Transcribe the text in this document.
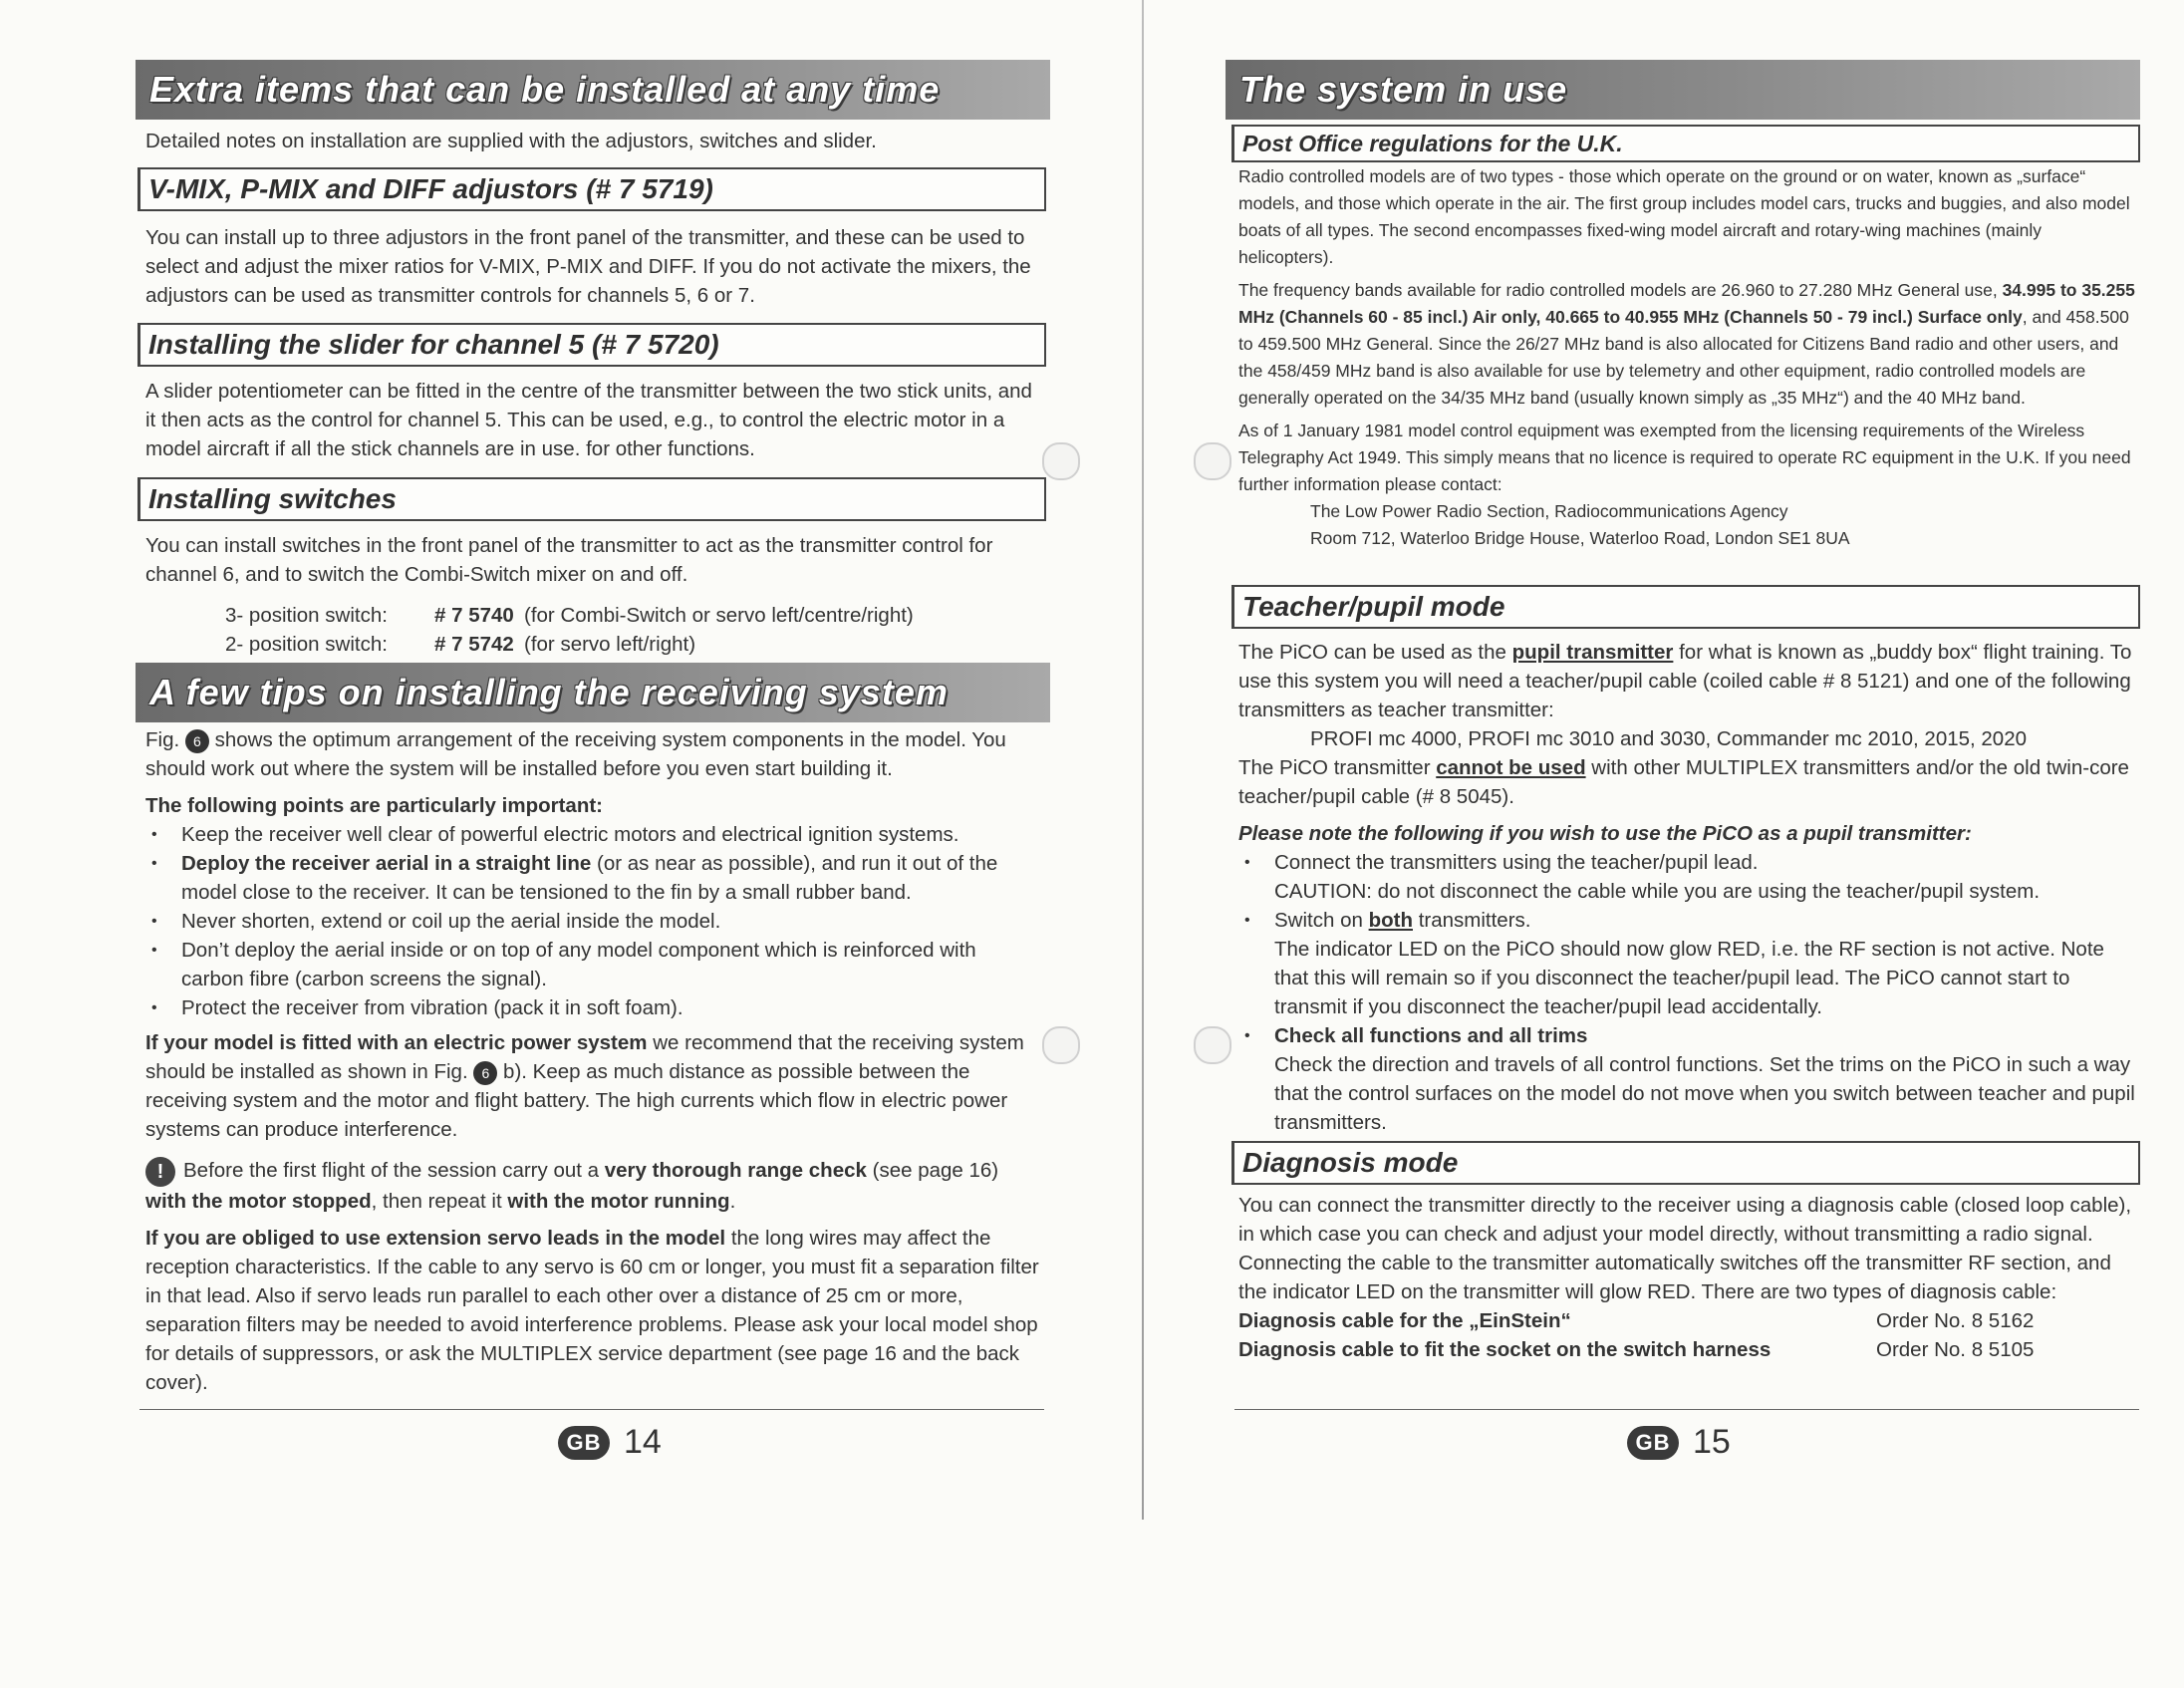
Extra items that can be installed at any time

Detailed notes on installation are supplied with the adjustors, switches and slider.

V-MIX, P-MIX and DIFF adjustors (# 7 5719)

You can install up to three adjustors in the front panel of the transmitter, and these can be used to select and adjust the mixer ratios for V-MIX, P-MIX and DIFF. If you do not activate the mixers, the adjustors can be used as transmitter controls for channels 5, 6 or 7.

Installing the slider for channel 5 (# 7 5720)

A slider potentiometer can be fitted in the centre of the transmitter between the two stick units, and it then acts as the control for channel 5. This can be used, e.g., to control the electric motor in a model aircraft if all the stick channels are in use. for other functions.

Installing switches

You can install switches in the front panel of the transmitter to act as the transmitter control for channel 6, and to switch the Combi-Switch mixer on and off.

3- position switch:	# 7 5740 (for Combi-Switch or servo left/centre/right)
2- position switch:	# 7 5742 (for servo left/right)
A few tips on installing the receiving system

Fig. 6 shows the optimum arrangement of the receiving system components in the model. You should work out where the system will be installed before you even start building it.

The following points are particularly important:

• Keep the receiver well clear of powerful electric motors and electrical ignition systems.
• Deploy the receiver aerial in a straight line (or as near as possible), and run it out of the model close to the receiver. It can be tensioned to the fin by a small rubber band.
• Never shorten, extend or coil up the aerial inside the model.
• Don’t deploy the aerial inside or on top of any model component which is reinforced with carbon fibre (carbon screens the signal).
• Protect the receiver from vibration (pack it in soft foam).

If your model is fitted with an electric power system we recommend that the receiving system should be installed as shown in Fig. 6 b). Keep as much distance as possible between the receiving system and the motor and flight battery. The high currents which flow in electric power systems can produce interference.

! Before the first flight of the session carry out a very thorough range check (see page 16) with the motor stopped, then repeat it with the motor running.

If you are obliged to use extension servo leads in the model the long wires may affect the reception characteristics. If the cable to any servo is 60 cm or longer, you must fit a separation filter in that lead. Also if servo leads run parallel to each other over a distance of 25 cm or more, separation filters may be needed to avoid interference problems. Please ask your local model shop for details of suppressors, or ask the MULTIPLEX service department (see page 16 and the back cover).

GB 14
The system in use
Post Office regulations for the U.K.

Radio controlled models are of two types - those which operate on the ground or on water, known as „surface“ models, and those which operate in the air. The first group includes model cars, trucks and buggies, and also model boats of all types. The second encompasses fixed-wing model aircraft and rotary-wing machines (mainly helicopters).

The frequency bands available for radio controlled models are 26.960 to 27.280 MHz General use, 34.995 to 35.255 MHz (Channels 60 - 85 incl.) Air only, 40.665 to 40.955 MHz (Channels 50 - 79 incl.) Surface only, and 458.500 to 459.500 MHz General. Since the 26/27 MHz band is also allocated for Citizens Band radio and other users, and the 458/459 MHz band is also available for use by telemetry and other equipment, radio controlled models are generally operated on the 34/35 MHz band (usually known simply as „35 MHz“) and the 40 MHz band.

As of 1 January 1981 model control equipment was exempted from the licensing requirements of the Wireless Telegraphy Act 1949. This simply means that no licence is required to operate RC equipment in the U.K. If you need further information please contact:

The Low Power Radio Section, Radiocommunications Agency

Room 712, Waterloo Bridge House, Waterloo Road, London SE1 8UA

Teacher/pupil mode

The PiCO can be used as the pupil transmitter for what is known as „buddy box“ flight training. To use this system you will need a teacher/pupil cable (coiled cable # 8 5121) and one of the following transmitters as teacher transmitter:

PROFI mc 4000, PROFI mc 3010 and 3030, Commander mc 2010, 2015, 2020

The PiCO transmitter cannot be used with other MULTIPLEX transmitters and/or the old twin-core teacher/pupil cable (# 8 5045).

Please note the following if you wish to use the PiCO as a pupil transmitter:

• Connect the transmitters using the teacher/pupil lead.
CAUTION: do not disconnect the cable while you are using the teacher/pupil system.
• Switch on both transmitters.
The indicator LED on the PiCO should now glow RED, i.e. the RF section is not active. Note that this will remain so if you disconnect the teacher/pupil lead. The PiCO cannot start to transmit if you disconnect the teacher/pupil lead accidentally.
• Check all functions and all trims
Check the direction and travels of all control functions. Set the trims on the PiCO in such a way that the control surfaces on the model do not move when you switch between teacher and pupil transmitters.
Diagnosis mode

You can connect the transmitter directly to the receiver using a diagnosis cable (closed loop cable), in which case you can check and adjust your model directly, without transmitting a radio signal. Connecting the cable to the transmitter automatically switches off the transmitter RF section, and the indicator LED on the transmitter will glow RED. There are two types of diagnosis cable:

Diagnosis cable for the „EinStein“	Order No. 8 5162
Diagnosis cable to fit the socket on the switch harness	Order No. 8 5105
GB 15
